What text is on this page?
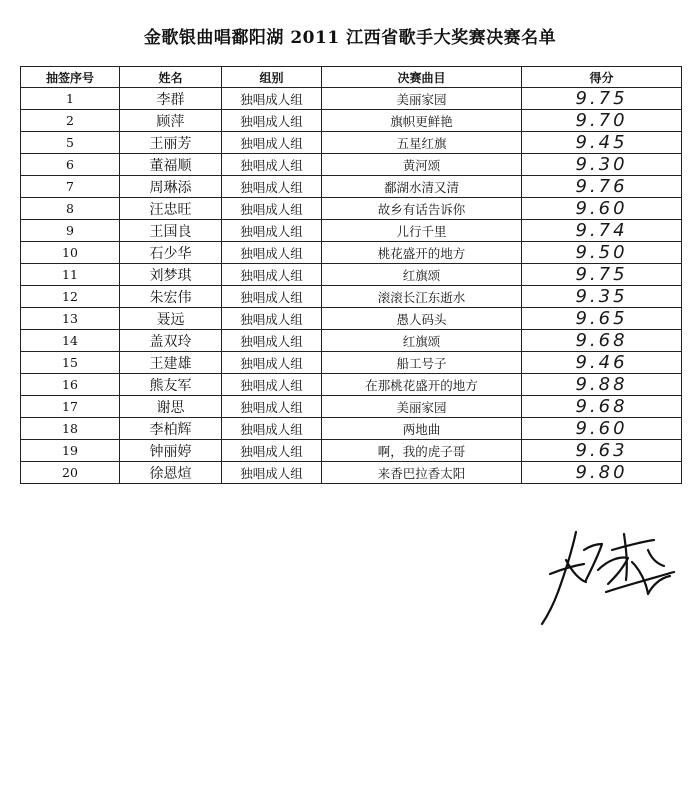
金歌银曲唱鄱阳湖 2011 江西省歌手大奖赛决赛名单
抽签序号	姓名	组别	决赛曲目	得分
1	李群	独唱成人组	美丽家园	9.75
2	顾萍	独唱成人组	旗帜更鲜艳	9.70
5	王丽芳	独唱成人组	五星红旗	9.45
6	董福顺	独唱成人组	黄河颂	9.30
7	周琳添	独唱成人组	鄱湖水清又清	9.76
8	汪忠旺	独唱成人组	故乡有话告诉你	9.60
9	王国良	独唱成人组	儿行千里	9.74
10	石少华	独唱成人组	桃花盛开的地方	9.50
11	刘梦琪	独唱成人组	红旗颂	9.75
12	朱宏伟	独唱成人组	滚滚长江东逝水	9.35
13	聂远	独唱成人组	愚人码头	9.65
14	盖双玲	独唱成人组	红旗颂	9.68
15	王建雄	独唱成人组	船工号子	9.46
16	熊友军	独唱成人组	在那桃花盛开的地方	9.88
17	谢思	独唱成人组	美丽家园	9.68
18	李柏辉	独唱成人组	两地曲	9.60
19	钟丽婷	独唱成人组	啊，我的虎子哥	9.63
20	徐恩煊	独唱成人组	来香巴拉香太阳	9.80
